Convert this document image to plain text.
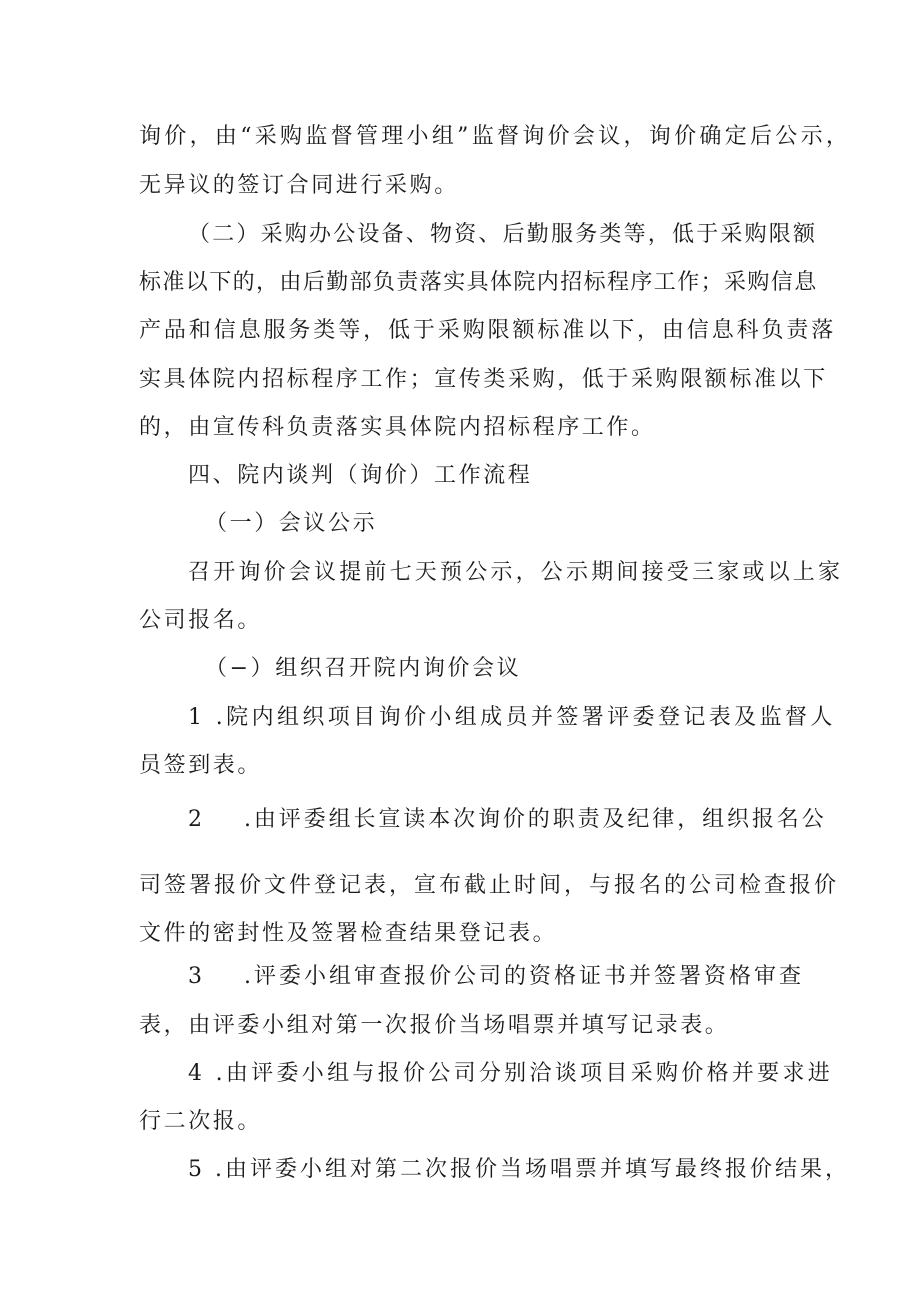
询价，由“采购监督管理小组”监督询价会议，询价确定后公示，
无异议的签订合同进行采购。
（二）采购办公设备、物资、后勤服务类等，低于采购限额
标准以下的，由后勤部负责落实具体院内招标程序工作；采购信息
产品和信息服务类等，低于采购限额标准以下，由信息科负责落
实具体院内招标程序工作；宣传类采购，低于采购限额标准以下
的，由宣传科负责落实具体院内招标程序工作。
四、院内谈判（询价）工作流程
（一）会议公示
召开询价会议提前七天预公示，公示期间接受三家或以上家
公司报名。
（−）组织召开院内询价会议
1 .院内组织项目询价小组成员并签署评委登记表及监督人
员签到表。
2 .由评委组长宣读本次询价的职责及纪律，组织报名公
司签署报价文件登记表，宣布截止时间，与报名的公司检查报价
文件的密封性及签署检查结果登记表。
3 .评委小组审查报价公司的资格证书并签署资格审查
表，由评委小组对第一次报价当场唱票并填写记录表。
4 .由评委小组与报价公司分别洽谈项目采购价格并要求进
行二次报。
5 .由评委小组对第二次报价当场唱票并填写最终报价结果，
